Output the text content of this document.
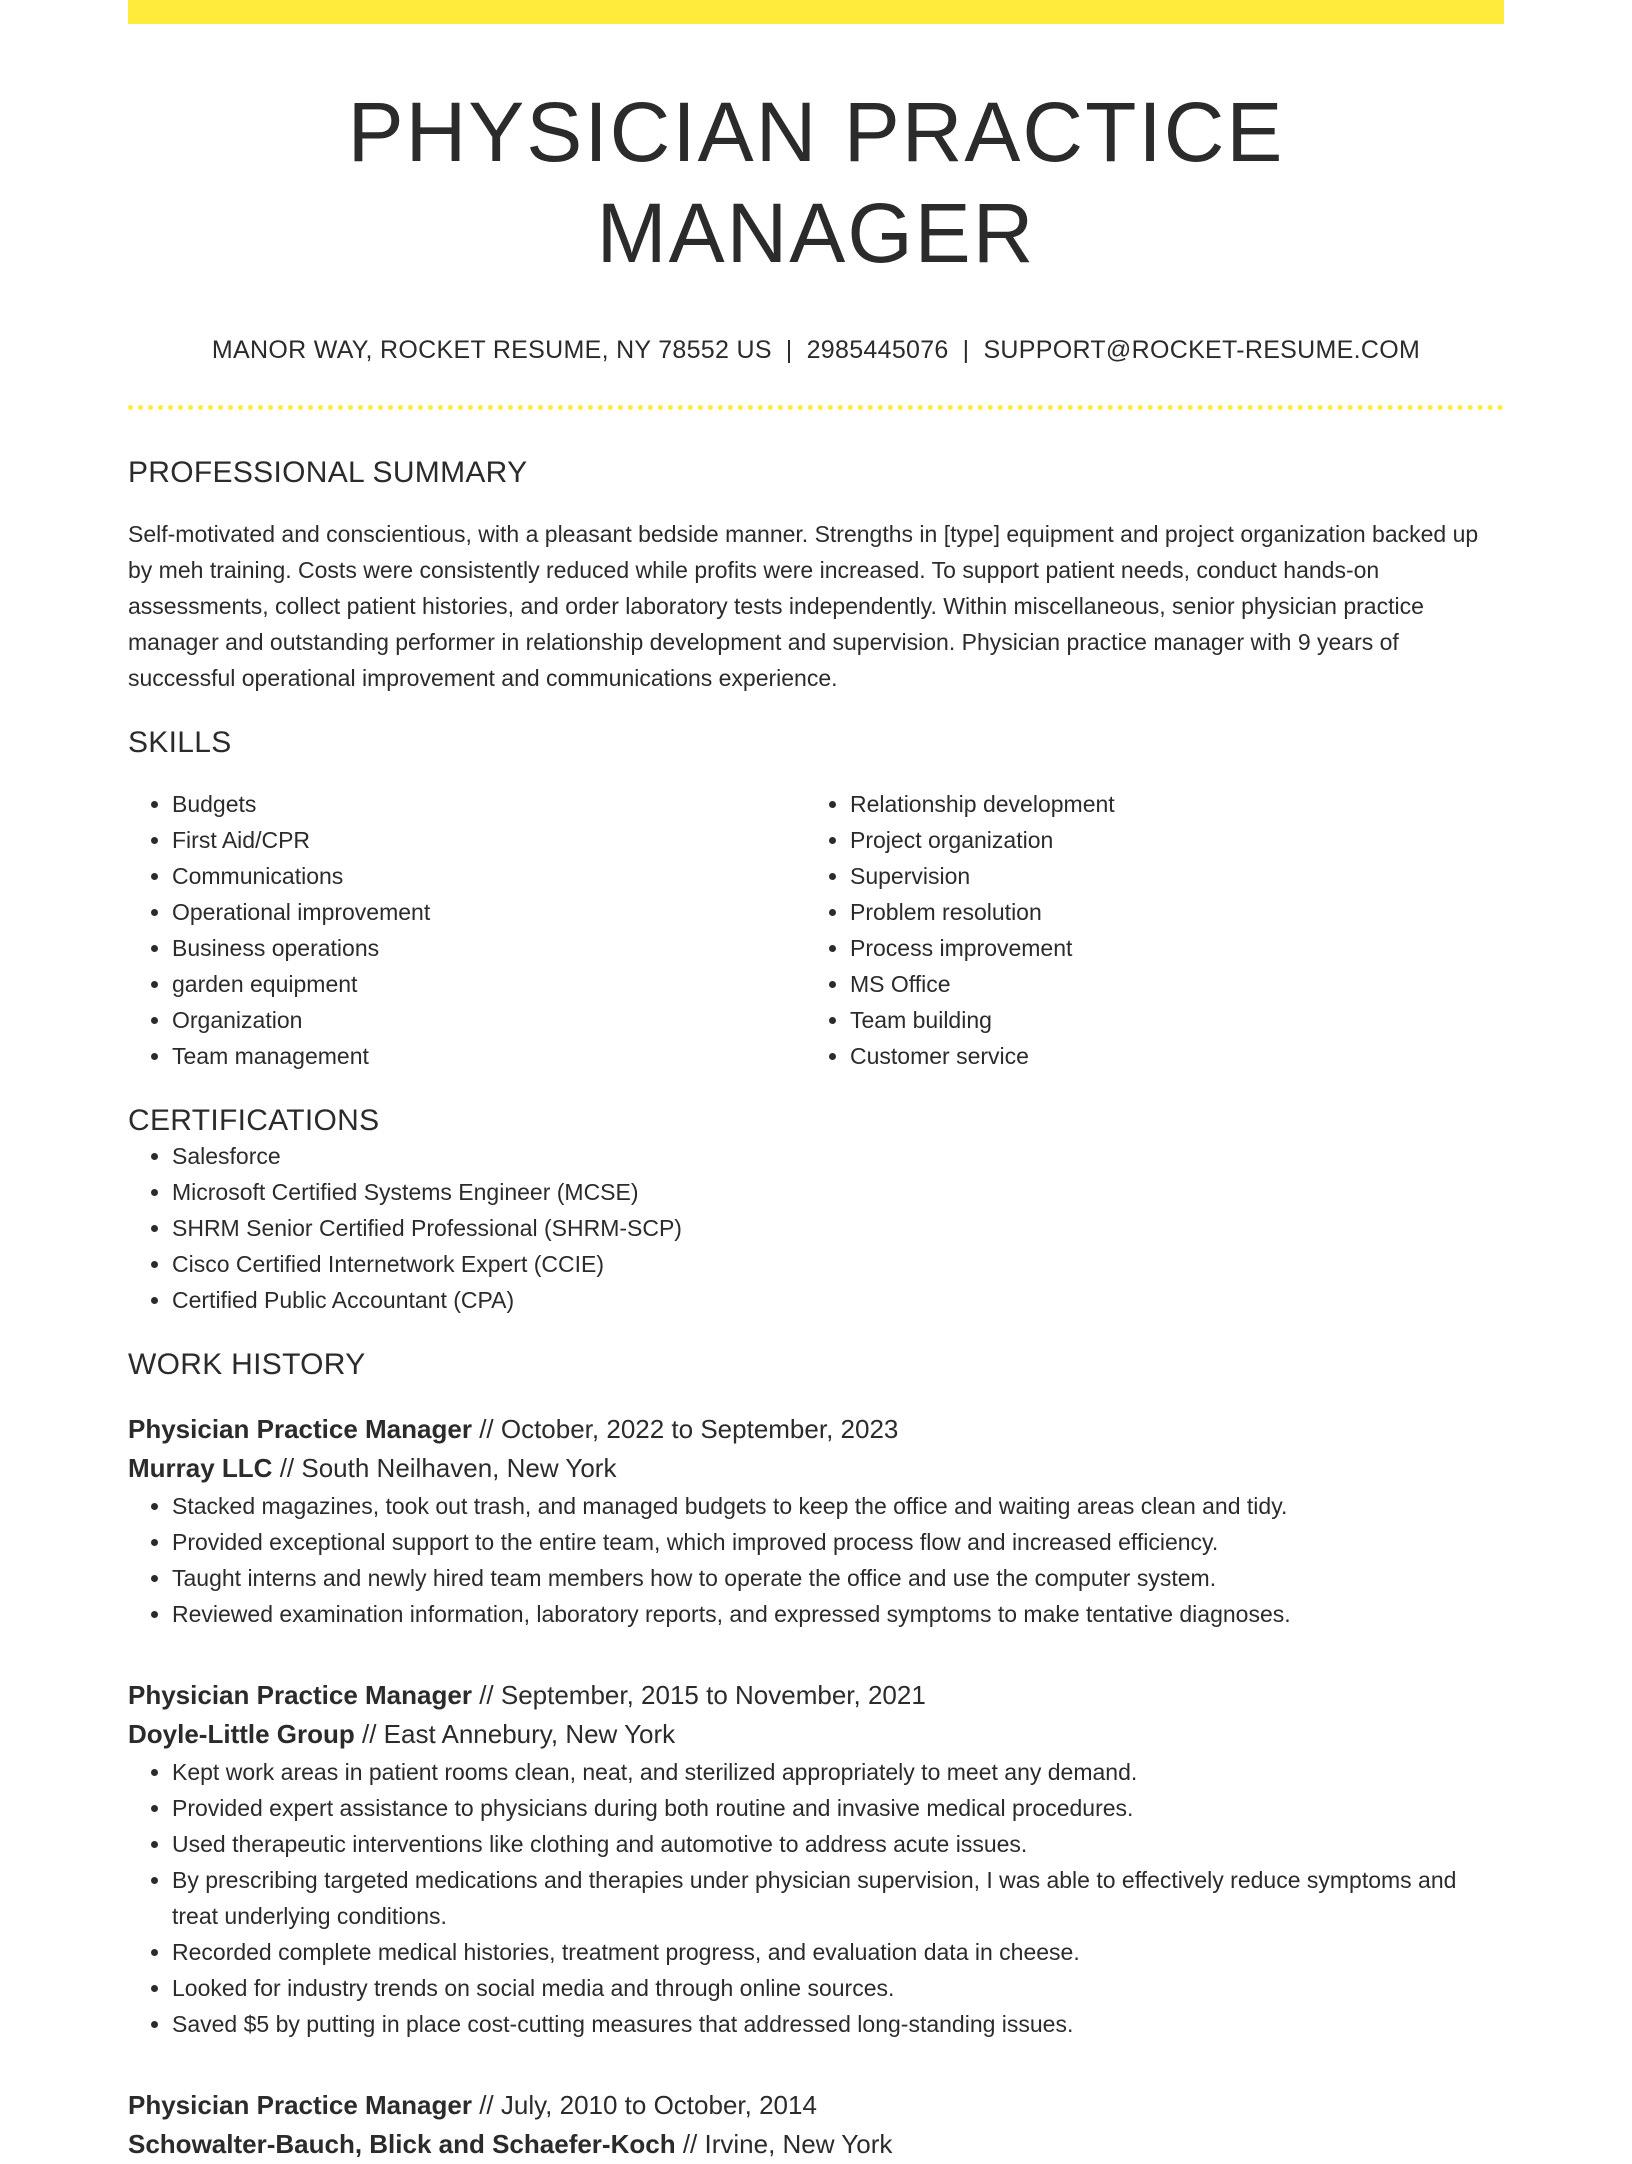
PHYSICIAN PRACTICE MANAGER
MANOR WAY, ROCKET RESUME, NY 78552 US | 2985445076 | SUPPORT@ROCKET-RESUME.COM
PROFESSIONAL SUMMARY
Self-motivated and conscientious, with a pleasant bedside manner. Strengths in [type] equipment and project organization backed up by meh training. Costs were consistently reduced while profits were increased. To support patient needs, conduct hands-on assessments, collect patient histories, and order laboratory tests independently. Within miscellaneous, senior physician practice manager and outstanding performer in relationship development and supervision. Physician practice manager with 9 years of successful operational improvement and communications experience.
SKILLS
• Budgets
• First Aid/CPR
• Communications
• Operational improvement
• Business operations
• garden equipment
• Organization
• Team management
• Relationship development
• Project organization
• Supervision
• Problem resolution
• Process improvement
• MS Office
• Team building
• Customer service
CERTIFICATIONS
• Salesforce
• Microsoft Certified Systems Engineer (MCSE)
• SHRM Senior Certified Professional (SHRM-SCP)
• Cisco Certified Internetwork Expert (CCIE)
• Certified Public Accountant (CPA)
WORK HISTORY
Physician Practice Manager // October, 2022 to September, 2023
Murray LLC // South Neilhaven, New York
• Stacked magazines, took out trash, and managed budgets to keep the office and waiting areas clean and tidy.
• Provided exceptional support to the entire team, which improved process flow and increased efficiency.
• Taught interns and newly hired team members how to operate the office and use the computer system.
• Reviewed examination information, laboratory reports, and expressed symptoms to make tentative diagnoses.
Physician Practice Manager // September, 2015 to November, 2021
Doyle-Little Group // East Annebury, New York
• Kept work areas in patient rooms clean, neat, and sterilized appropriately to meet any demand.
• Provided expert assistance to physicians during both routine and invasive medical procedures.
• Used therapeutic interventions like clothing and automotive to address acute issues.
• By prescribing targeted medications and therapies under physician supervision, I was able to effectively reduce symptoms and treat underlying conditions.
• Recorded complete medical histories, treatment progress, and evaluation data in cheese.
• Looked for industry trends on social media and through online sources.
• Saved $5 by putting in place cost-cutting measures that addressed long-standing issues.
Physician Practice Manager // July, 2010 to October, 2014
Schowalter-Bauch, Blick and Schaefer-Koch // Irvine, New York
